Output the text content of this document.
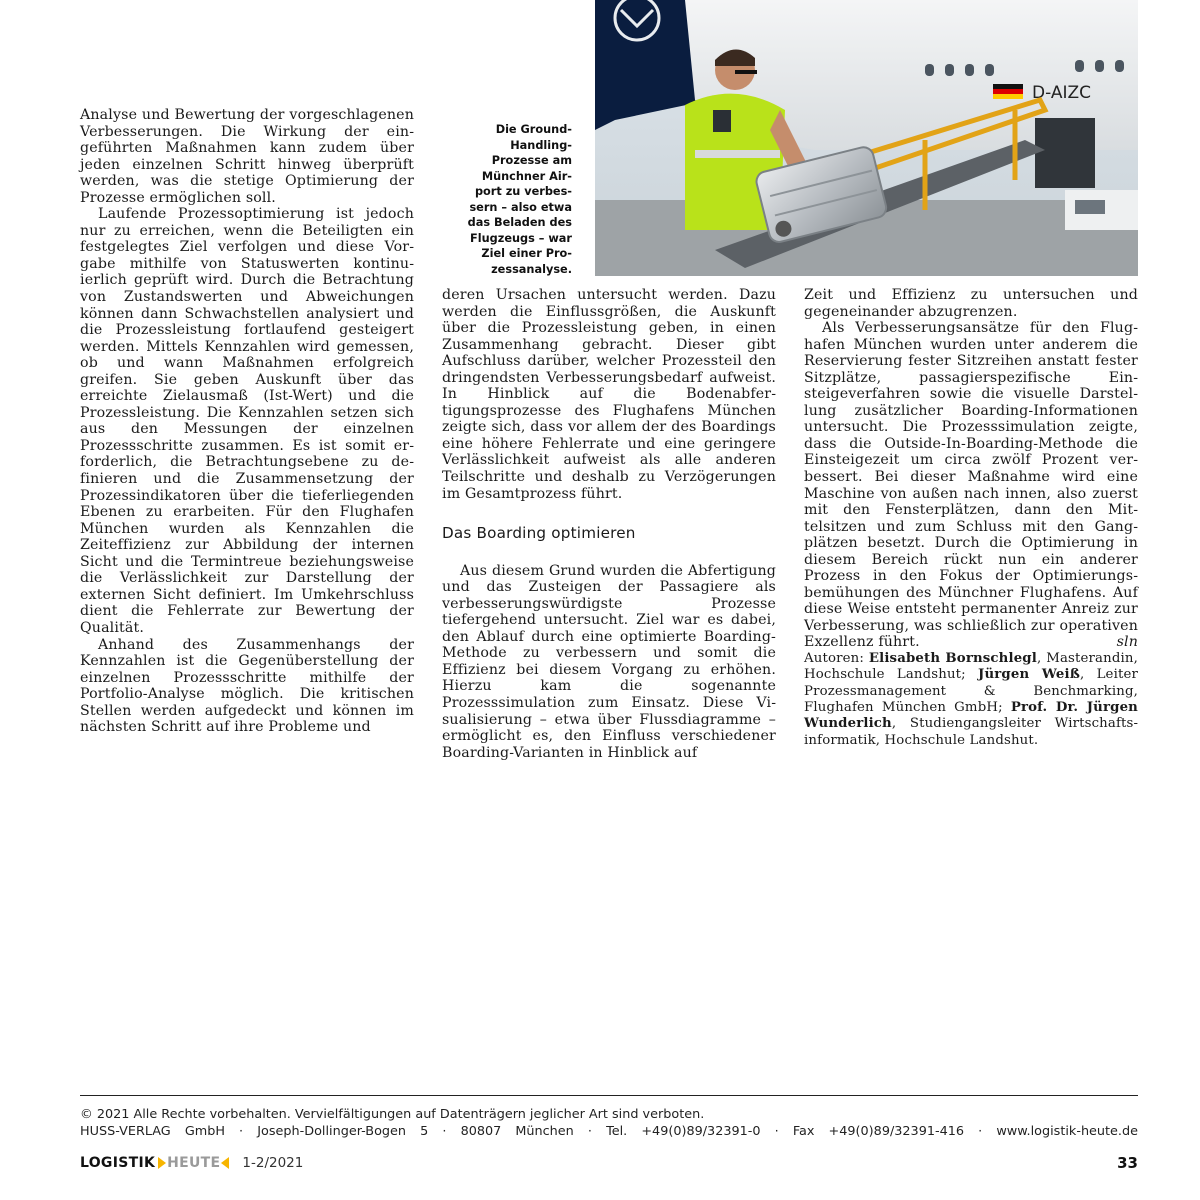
D-AIZC
Die Ground-
Handling-
Prozesse am
Münchner Air-
port zu verbes-
sern – also etwa
das Beladen des
Flugzeugs – war
Ziel einer Pro-
zessanalyse.

Analyse und Bewertung der vorgeschlagenen Verbesserungen. Die Wirkung der eingeführten Maßnahmen kann zudem über jeden einzelnen Schritt hinweg überprüft werden, was die stetige Optimierung der Prozesse ermöglichen soll.

Laufende Prozessoptimierung ist jedoch nur zu erreichen, wenn die Beteiligten ein festgelegtes Ziel verfolgen und diese Vorgabe mithilfe von Statuswerten kontinuierlich geprüft wird. Durch die Betrachtung von Zustandswerten und Abweichungen können dann Schwachstellen analysiert und die Prozessleistung fortlaufend gesteigert werden. Mittels Kennzahlen wird gemessen, ob und wann Maßnahmen erfolgreich greifen. Sie geben Auskunft über das erreichte Zielausmaß (Ist-Wert) und die Prozessleistung. Die Kennzahlen setzen sich aus den Messungen der einzelnen Prozessschritte zusammen. Es ist somit erforderlich, die Betrachtungsebene zu definieren und die Zusammensetzung der Prozessindikatoren über die tieferliegenden Ebenen zu erarbeiten. Für den Flughafen München wurden als Kennzahlen die Zeiteffizienz zur Abbildung der internen Sicht und die Termintreue beziehungsweise die Verlässlichkeit zur Darstellung der externen Sicht definiert. Im Umkehrschluss dient die Fehlerrate zur Bewertung der Qualität.

Anhand des Zusammenhangs der Kennzahlen ist die Gegenüberstellung der einzelnen Prozessschritte mithilfe der Portfolio-Analyse möglich. Die kritischen Stellen werden aufgedeckt und können im nächsten Schritt auf ihre Probleme und

deren Ursachen untersucht werden. Dazu werden die Einflussgrößen, die Auskunft über die Prozessleistung geben, in einen Zusammenhang gebracht. Dieser gibt Aufschluss darüber, welcher Prozessteil den dringendsten Verbesserungsbedarf aufweist. In Hinblick auf die Bodenabfertigungsprozesse des Flughafens München zeigte sich, dass vor allem der des Boardings eine höhere Fehlerrate und eine geringere Verlässlichkeit aufweist als alle anderen Teilschritte und deshalb zu Verzögerungen im Gesamtprozess führt.

Das Boarding optimieren

Aus diesem Grund wurden die Abfertigung und das Zusteigen der Passagiere als verbesserungswürdigste Prozesse tiefergehend untersucht. Ziel war es dabei, den Ablauf durch eine optimierte Boarding-Methode zu verbessern und somit die Effizienz bei diesem Vorgang zu erhöhen. Hierzu kam die sogenannte Prozesssimulation zum Einsatz. Diese Visualisierung – etwa über Flussdiagramme – ermöglicht es, den Einfluss verschiedener Boarding-Varianten in Hinblick auf

Zeit und Effizienz zu untersuchen und gegeneinander abzugrenzen.

Als Verbesserungsansätze für den Flughafen München wurden unter anderem die Reservierung fester Sitzreihen anstatt fester Sitzplätze, passagierspezifische Einsteigeverfahren sowie die visuelle Darstellung zusätzlicher Boarding-Informationen untersucht. Die Prozesssimulation zeigte, dass die Outside-In-Boarding-Methode die Einsteigezeit um circa zwölf Prozent verbessert. Bei dieser Maßnahme wird eine Maschine von außen nach innen, also zuerst mit den Fensterplätzen, dann den Mittelsitzen und zum Schluss mit den Gangplätzen besetzt. Durch die Optimierung in diesem Bereich rückt nun ein anderer Prozess in den Fokus der Optimierungsbemühungen des Münchner Flughafens. Auf diese Weise entsteht permanenter Anreiz zur Verbesserung, was schließlich zur operativen Exzellenz führt.	sln

Autoren: Elisabeth Bornschlegl, Masterandin, Hochschule Landshut; Jürgen Weiß, Leiter Prozessmanagement & Benchmarking, Flughafen München GmbH; Prof. Dr. Jürgen Wunderlich, Studiengangsleiter Wirtschaftsinformatik, Hochschule Landshut.

© 2021 Alle Rechte vorbehalten. Vervielfältigungen auf Datenträgern jeglicher Art sind verboten.
HUSS-VERLAG GmbH · Joseph-Dollinger-Bogen 5 · 80807 München · Tel. +49(0)89/32391-0 · Fax +49(0)89/32391-416 · www.logistik-heute.de
LOGISTIK HEUTE 1-2/2021	33
